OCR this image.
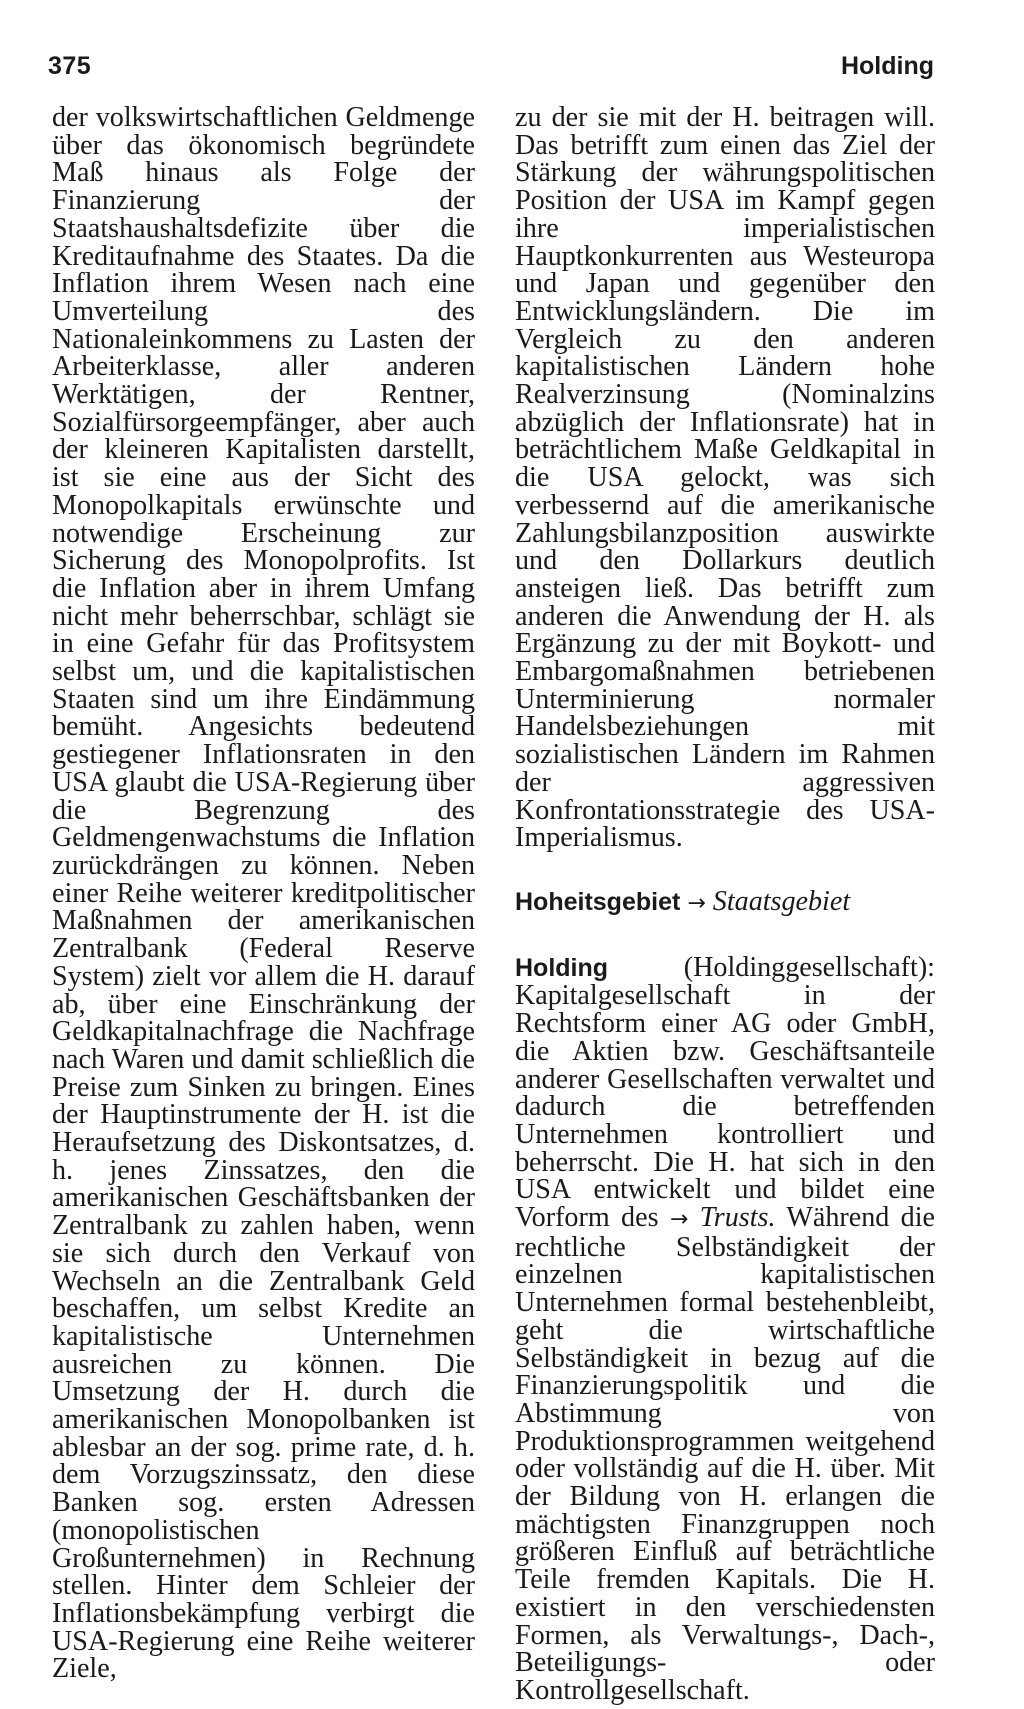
375	Holding

der volkswirtschaftlichen Geldmenge über das ökonomisch begründete Maß hinaus als Folge der Finanzierung der Staatshaushaltsdefizite über die Kreditaufnahme des Staates. Da die Inflation ihrem Wesen nach eine Umverteilung des Nationaleinkommens zu Lasten der Arbeiterklasse, aller anderen Werktätigen, der Rentner, Sozialfürsorgeempfänger, aber auch der kleineren Kapitalisten darstellt, ist sie eine aus der Sicht des Monopolkapitals erwünschte und notwendige Erscheinung zur Sicherung des Monopolprofits. Ist die Inflation aber in ihrem Umfang nicht mehr beherrschbar, schlägt sie in eine Gefahr für das Profitsystem selbst um, und die kapitalistischen Staaten sind um ihre Eindämmung bemüht. Angesichts bedeutend gestiegener Inflationsraten in den USA glaubt die USA-Regierung über die Begrenzung des Geldmengenwachstums die Inflation zurückdrängen zu können. Neben einer Reihe weiterer kreditpolitischer Maßnahmen der amerikanischen Zentralbank (Federal Reserve System) zielt vor allem die H. darauf ab, über eine Einschränkung der Geldkapitalnachfrage die Nachfrage nach Waren und damit schließlich die Preise zum Sinken zu bringen. Eines der Hauptinstrumente der H. ist die Heraufsetzung des Diskontsatzes, d. h. jenes Zinssatzes, den die amerikanischen Geschäftsbanken der Zentralbank zu zahlen haben, wenn sie sich durch den Verkauf von Wechseln an die Zentralbank Geld beschaffen, um selbst Kredite an kapitalistische Unternehmen ausreichen zu können. Die Umsetzung der H. durch die amerikanischen Monopolbanken ist ablesbar an der sog. prime rate, d. h. dem Vorzugszinssatz, den diese Banken sog. ersten Adressen (monopolistischen Großunternehmen) in Rechnung stellen. Hinter dem Schleier der Inflationsbekämpfung verbirgt die USA-Regierung eine Reihe weiterer Ziele,

zu der sie mit der H. beitragen will. Das betrifft zum einen das Ziel der Stärkung der währungspolitischen Position der USA im Kampf gegen ihre imperialistischen Hauptkonkurrenten aus Westeuropa und Japan und gegenüber den Entwicklungsländern. Die im Vergleich zu den anderen kapitalistischen Ländern hohe Realverzinsung (Nominalzins abzüglich der Inflationsrate) hat in beträchtlichem Maße Geldkapital in die USA gelockt, was sich verbessernd auf die amerikanische Zahlungsbilanzposition auswirkte und den Dollarkurs deutlich ansteigen ließ. Das betrifft zum anderen die Anwendung der H. als Ergänzung zu der mit Boykott- und Embargomaßnahmen betriebenen Unterminierung normaler Handelsbeziehungen mit sozialistischen Ländern im Rahmen der aggressiven Konfrontationsstrategie des USA-Imperialismus.

Hoheitsgebiet → Staatsgebiet

Holding	(Holdinggesellschaft): Kapitalgesellschaft in der Rechtsform einer AG oder GmbH, die Aktien bzw. Geschäftsanteile anderer Gesellschaften verwaltet und dadurch die betreffenden Unternehmen kontrolliert und beherrscht. Die H. hat sich in den USA entwickelt und bildet eine Vorform des → Trusts. Während die rechtliche Selbständigkeit der einzelnen kapitalistischen Unternehmen formal bestehenbleibt, geht die wirtschaftliche Selbständigkeit in bezug auf die Finanzierungspolitik und die Abstimmung von Produktionsprogrammen weitgehend oder vollständig auf die H. über. Mit der Bildung von H. erlangen die mächtigsten Finanzgruppen noch größeren Einfluß auf beträchtliche Teile fremden Kapitals. Die H. existiert in den verschiedensten Formen, als Verwaltungs-, Dach-, Beteiligungs- oder Kontrollgesellschaft.
